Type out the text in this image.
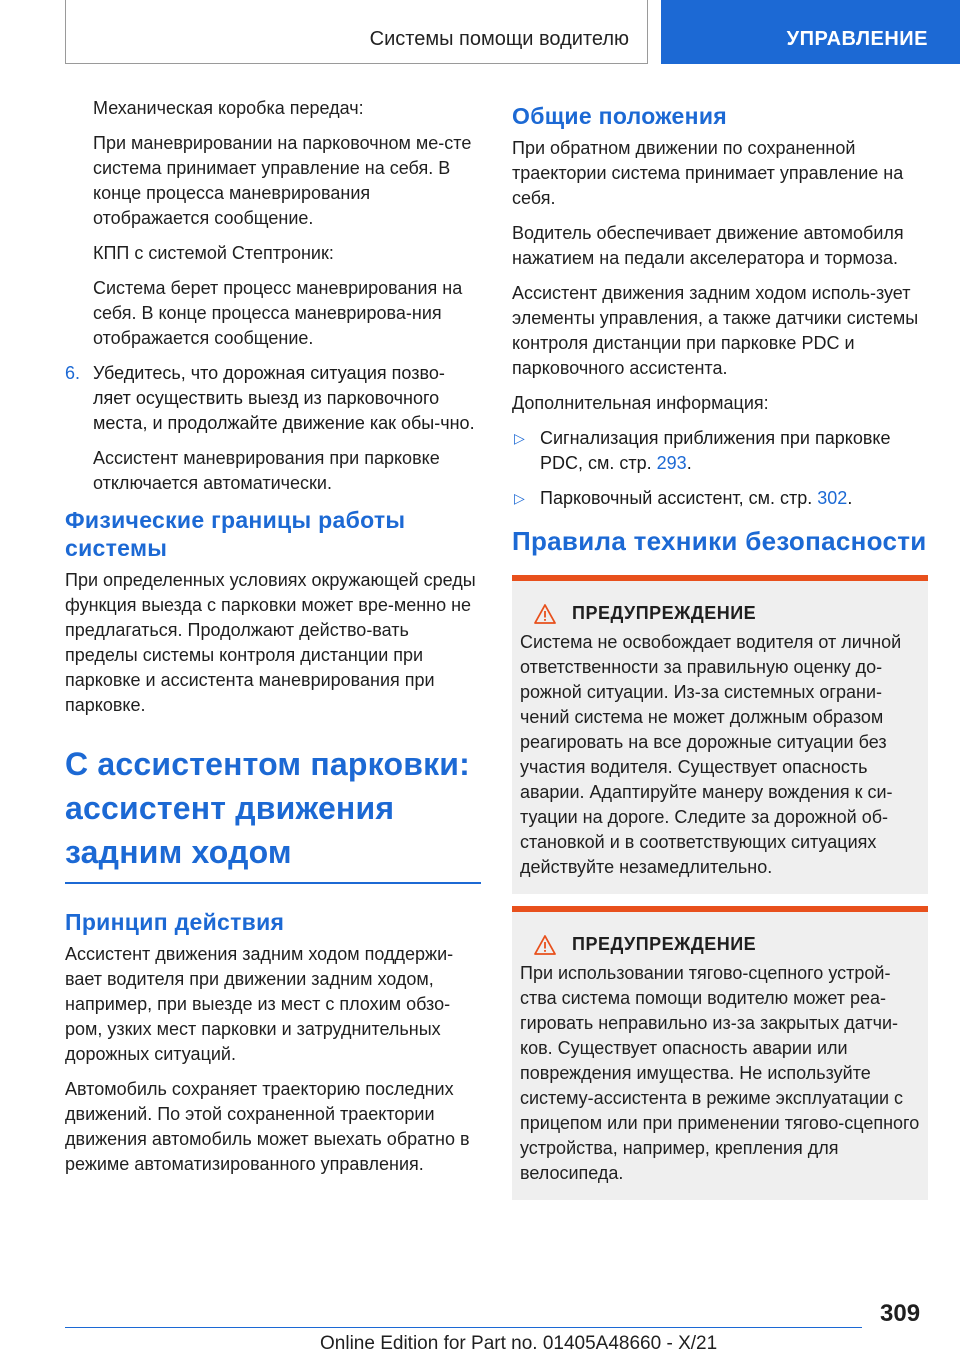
Системы помощи водителю	УПРАВЛЕНИЕ

Механическая коробка передач:

При маневрировании на парковочном ме-сте система принимает управление на себя. В конце процесса маневрирования отображается сообщение.

КПП с системой Стептроник:

Система берет процесс маневрирования на себя. В конце процесса маневрирова-ния отображается сообщение.

6. Убедитесь, что дорожная ситуация позво-ляет осуществить выезд из парковочного места, и продолжайте движение как обы-чно.

Ассистент маневрирования при парковке отключается автоматически.

Физические границы работы системы

При определенных условиях окружающей среды функция выезда с парковки может вре-менно не предлагаться. Продолжают действо-вать пределы системы контроля дистанции при парковке и ассистента маневрирования при парковке.

С ассистентом парковки: ассистент движения задним ходом
Принцип действия

Ассистент движения задним ходом поддержи-вает водителя при движении задним ходом, например, при выезде из мест с плохим обзо-ром, узких мест парковки и затруднительных дорожных ситуаций.

Автомобиль сохраняет траекторию последних движений. По этой сохраненной траектории движения автомобиль может выехать обратно в режиме автоматизированного управления.

Общие положения

При обратном движении по сохраненной траектории система принимает управление на себя.

Водитель обеспечивает движение автомобиля нажатием на педали акселератора и тормоза.

Ассистент движения задним ходом исполь-зует элементы управления, а также датчики системы контроля дистанции при парковке PDC и парковочного ассистента.

Дополнительная информация:

▷ Сигнализация приближения при парковке PDC, см. стр. 293.
▷ Парковочный ассистент, см. стр. 302.
Правила техники безопасности
ПРЕДУПРЕЖДЕНИЕ

Система не освобождает водителя от личной ответственности за правильную оценку до-рожной ситуации. Из-за системных ограни-чений система не может должным образом реагировать на все дорожные ситуации без участия водителя. Существует опасность аварии. Адаптируйте манеру вождения к си-туации на дороге. Следите за дорожной об-становкой и в соответствующих ситуациях действуйте незамедлительно.

ПРЕДУПРЕЖДЕНИЕ

При использовании тягово-сцепного устрой-ства система помощи водителю может реа-гировать неправильно из-за закрытых датчи-ков. Существует опасность аварии или повреждения имущества. Не используйте систему-ассистента в режиме эксплуатации с прицепом или при применении тягово-сцепного устройства, например, крепления для велосипеда.

309
Online Edition for Part no. 01405A48660 - X/21
